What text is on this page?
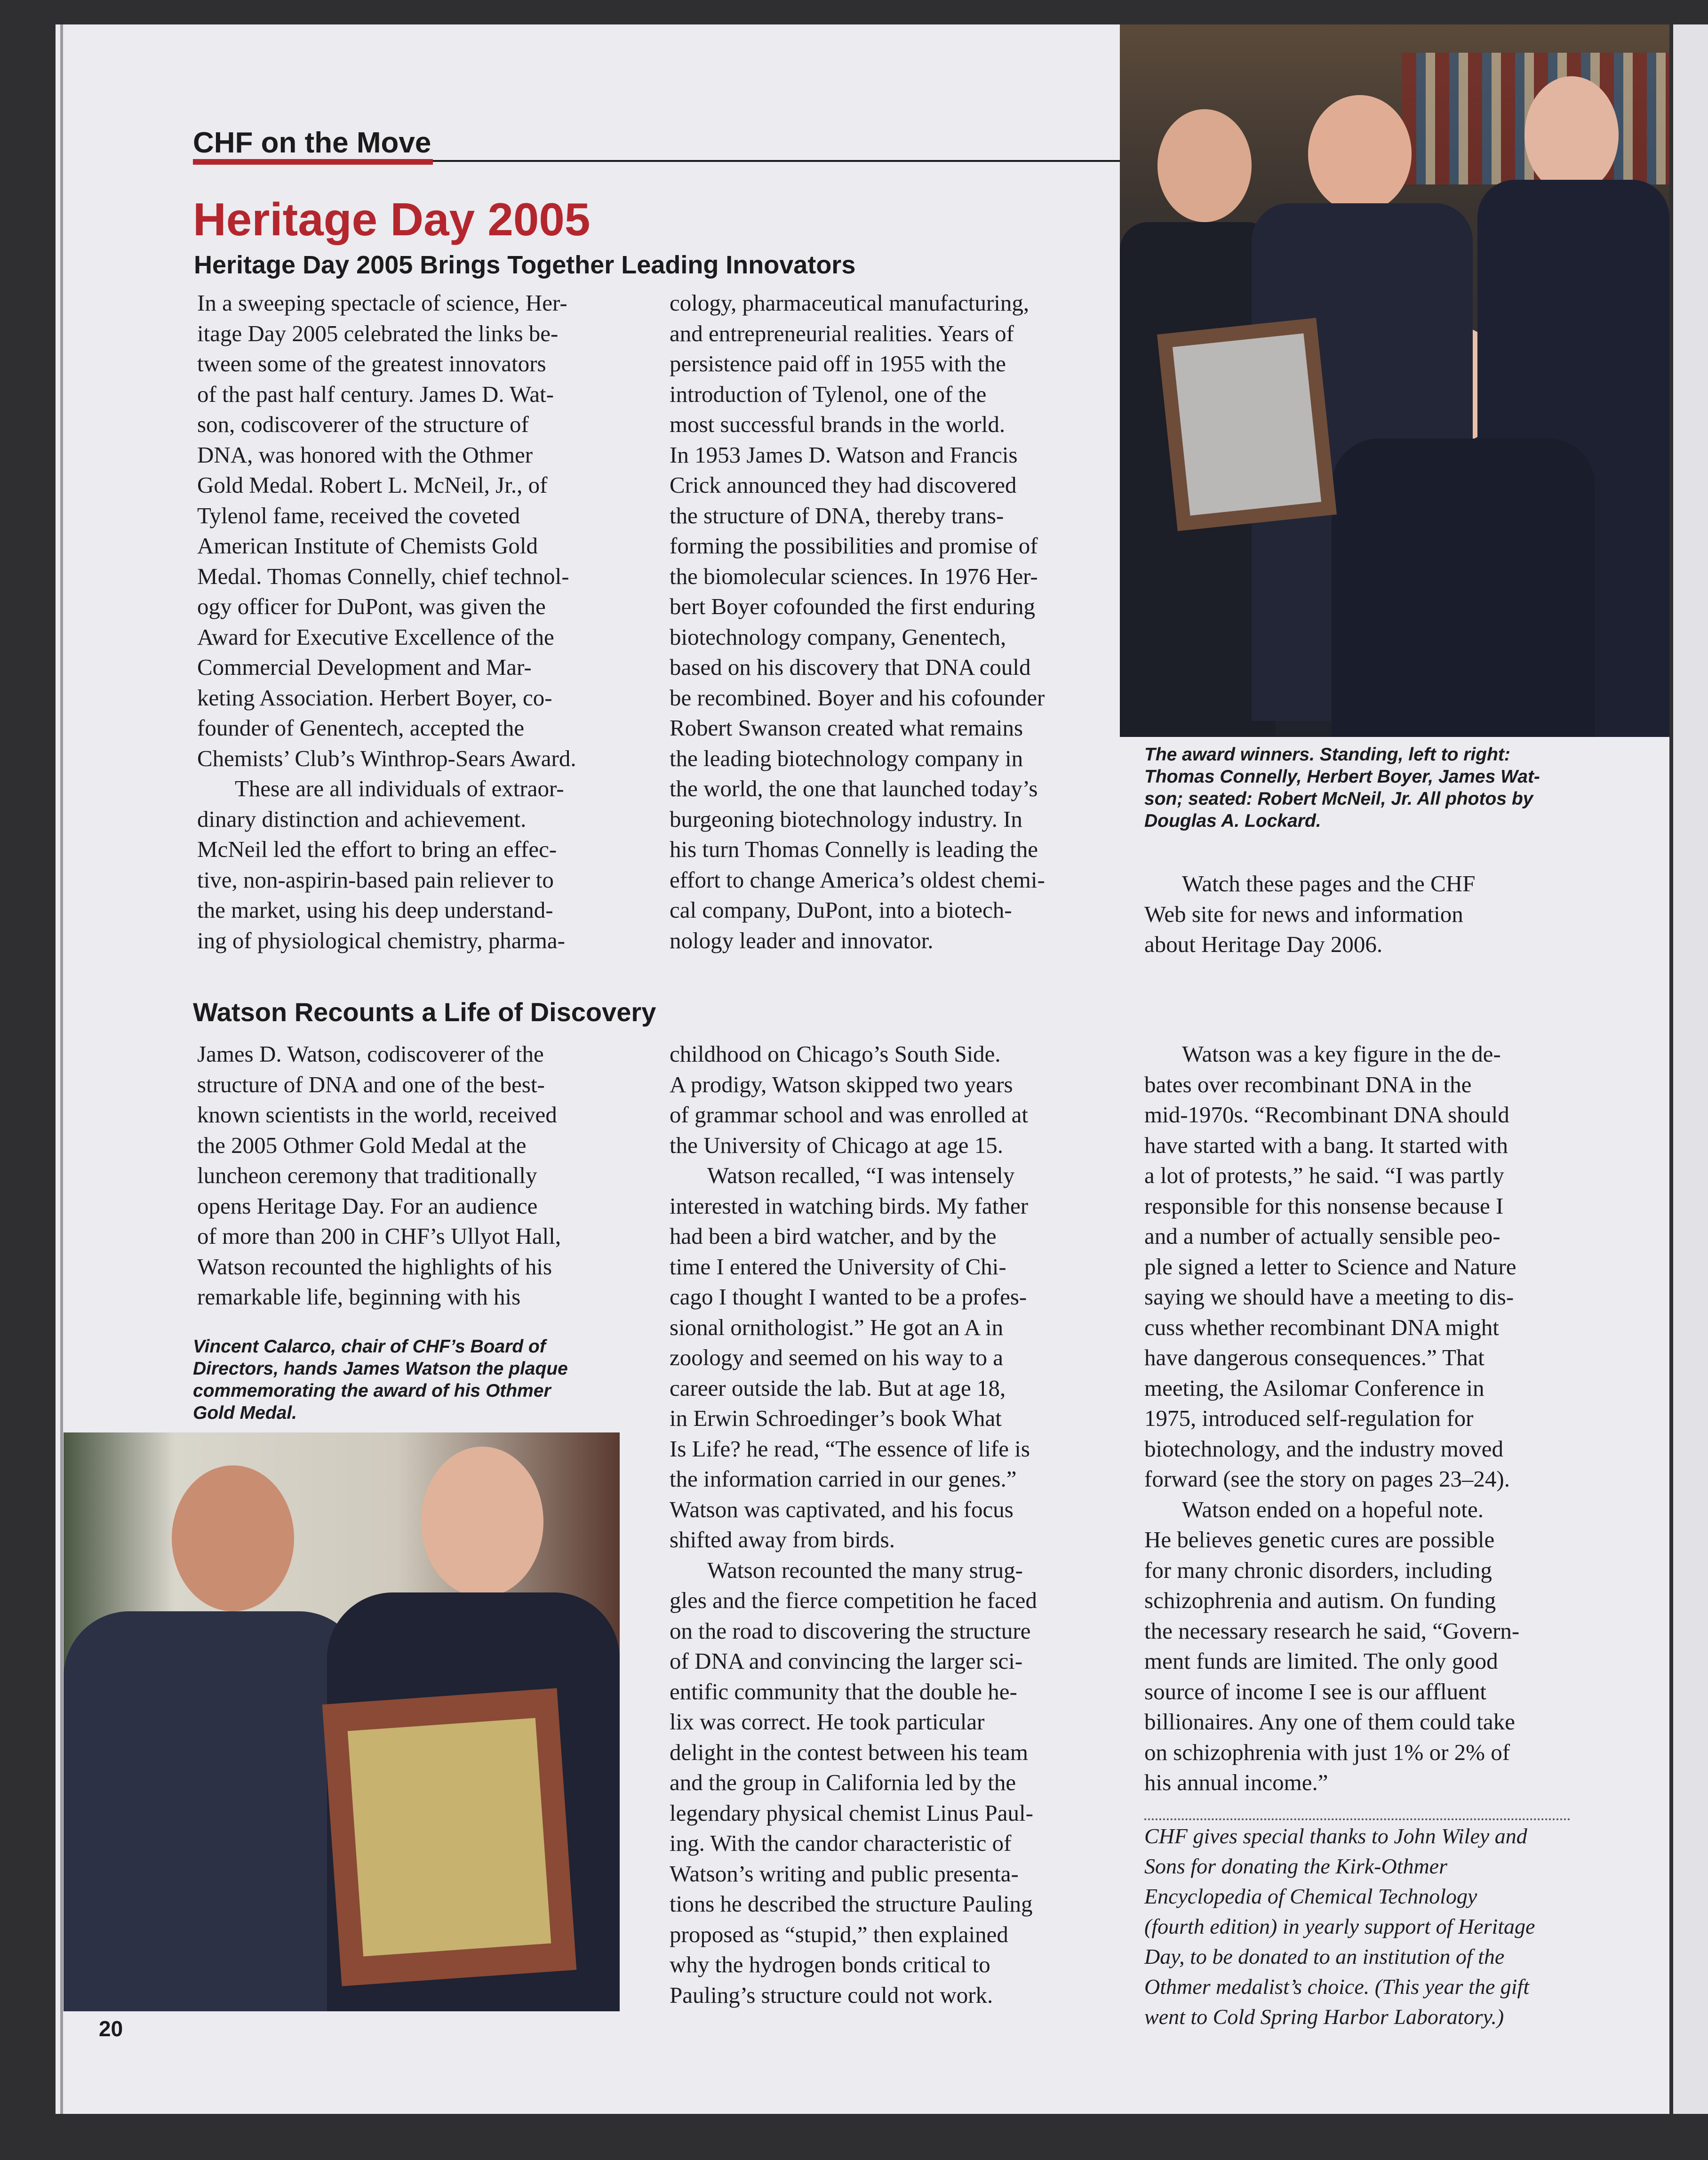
CHF on the Move
Heritage Day 2005
Heritage Day 2005 Brings Together Leading Innovators

In a sweeping spectacle of science, Her-
itage Day 2005 celebrated the links be-
tween some of the greatest innovators
of the past half century. James D. Wat-
son, codiscoverer of the structure of
DNA, was honored with the Othmer
Gold Medal. Robert L. McNeil, Jr., of
Tylenol fame, received the coveted
American Institute of Chemists Gold
Medal. Thomas Connelly, chief technol-
ogy officer for DuPont, was given the
Award for Executive Excellence of the
Commercial Development and Mar-
keting Association. Herbert Boyer, co-
founder of Genentech, accepted the
Chemists’ Club’s Winthrop-Sears Award.

These are all individuals of extraor-
dinary distinction and achievement.
McNeil led the effort to bring an effec-
tive, non-aspirin-based pain reliever to
the market, using his deep understand-
ing of physiological chemistry, pharma-

cology, pharmaceutical manufacturing,
and entrepreneurial realities. Years of
persistence paid off in 1955 with the
introduction of Tylenol, one of the
most successful brands in the world.
In 1953 James D. Watson and Francis
Crick announced they had discovered
the structure of DNA, thereby trans-
forming the possibilities and promise of
the biomolecular sciences. In 1976 Her-
bert Boyer cofounded the first enduring
biotechnology company, Genentech,
based on his discovery that DNA could
be recombined. Boyer and his cofounder
Robert Swanson created what remains
the leading biotechnology company in
the world, the one that launched today’s
burgeoning biotechnology industry. In
his turn Thomas Connelly is leading the
effort to change America’s oldest chemi-
cal company, DuPont, into a biotech-
nology leader and innovator.

The award winners. Standing, left to right:
Thomas Connelly, Herbert Boyer, James Wat-
son; seated: Robert McNeil, Jr. All photos by
Douglas A. Lockard.

Watch these pages and the CHF
Web site for news and information
about Heritage Day 2006.

Watson Recounts a Life of Discovery

James D. Watson, codiscoverer of the
structure of DNA and one of the best-
known scientists in the world, received
the 2005 Othmer Gold Medal at the
luncheon ceremony that traditionally
opens Heritage Day. For an audience
of more than 200 in CHF’s Ullyot Hall,
Watson recounted the highlights of his
remarkable life, beginning with his

Vincent Calarco, chair of CHF’s Board of
Directors, hands James Watson the plaque
commemorating the award of his Othmer
Gold Medal.

childhood on Chicago’s South Side.
A prodigy, Watson skipped two years
of grammar school and was enrolled at
the University of Chicago at age 15.

Watson recalled, “I was intensely
interested in watching birds. My father
had been a bird watcher, and by the
time I entered the University of Chi-
cago I thought I wanted to be a profes-
sional ornithologist.” He got an A in
zoology and seemed on his way to a
career outside the lab. But at age 18,
in Erwin Schroedinger’s book What
Is Life? he read, “The essence of life is
the information carried in our genes.”
Watson was captivated, and his focus
shifted away from birds.

Watson recounted the many strug-
gles and the fierce competition he faced
on the road to discovering the structure
of DNA and convincing the larger sci-
entific community that the double he-
lix was correct. He took particular
delight in the contest between his team
and the group in California led by the
legendary physical chemist Linus Paul-
ing. With the candor characteristic of
Watson’s writing and public presenta-
tions he described the structure Pauling
proposed as “stupid,” then explained
why the hydrogen bonds critical to
Pauling’s structure could not work.

Watson was a key figure in the de-
bates over recombinant DNA in the
mid-1970s. “Recombinant DNA should
have started with a bang. It started with
a lot of protests,” he said. “I was partly
responsible for this nonsense because I
and a number of actually sensible peo-
ple signed a letter to Science and Nature
saying we should have a meeting to dis-
cuss whether recombinant DNA might
have dangerous consequences.” That
meeting, the Asilomar Conference in
1975, introduced self-regulation for
biotechnology, and the industry moved
forward (see the story on pages 23–24).

Watson ended on a hopeful note.
He believes genetic cures are possible
for many chronic disorders, including
schizophrenia and autism. On funding
the necessary research he said, “Govern-
ment funds are limited. The only good
source of income I see is our affluent
billionaires. Any one of them could take
on schizophrenia with just 1% or 2% of
his annual income.”

CHF gives special thanks to John Wiley and
Sons for donating the Kirk-Othmer
Encyclopedia of Chemical Technology
(fourth edition) in yearly support of Heritage
Day, to be donated to an institution of the
Othmer medalist’s choice. (This year the gift
went to Cold Spring Harbor Laboratory.)
20
